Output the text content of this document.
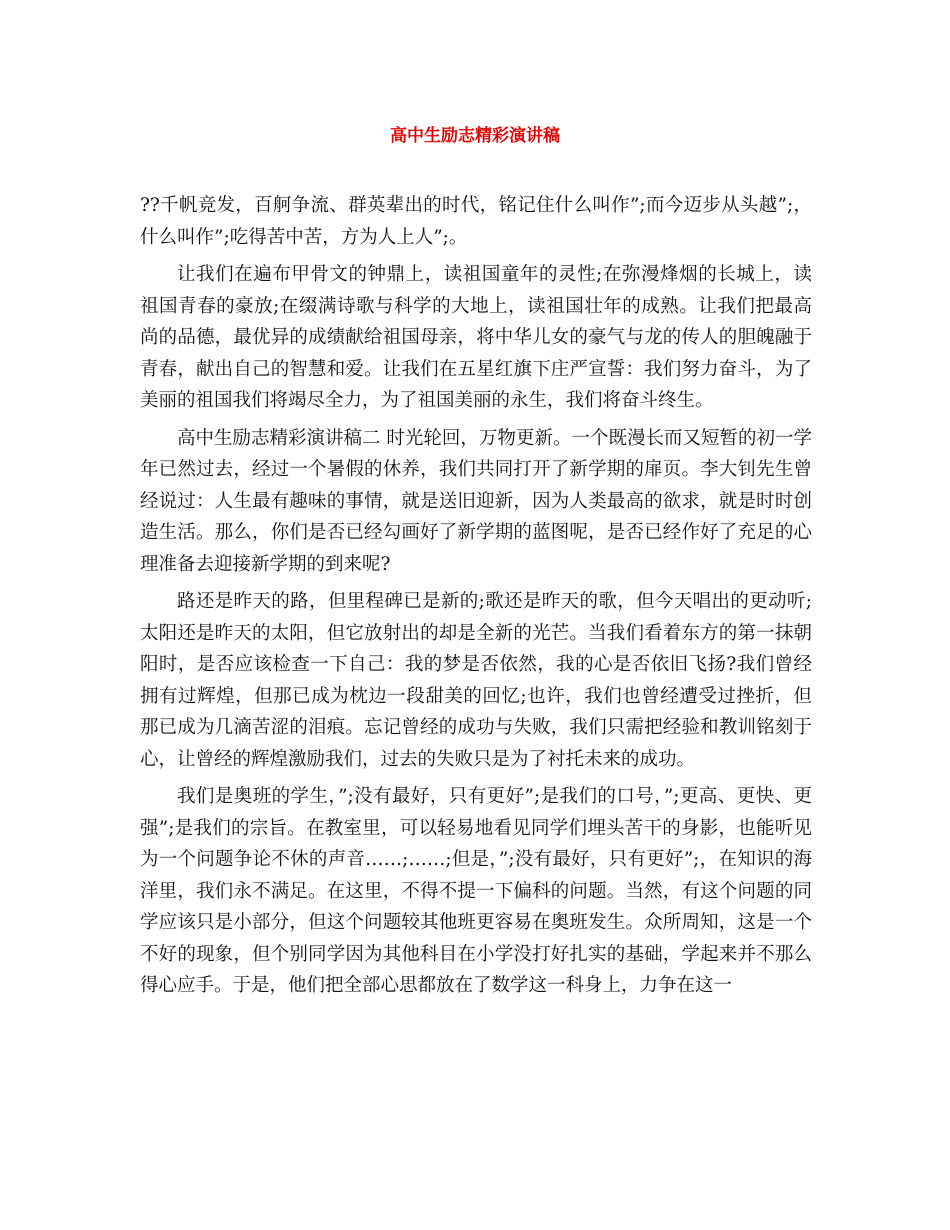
高中生励志精彩演讲稿

??千帆竞发，百舸争流、群英辈出的时代，铭记住什么叫作”;而今迈步从头越”;，什么叫作”;吃得苦中苦，方为人上人”;。

让我们在遍布甲骨文的钟鼎上，读祖国童年的灵性;在弥漫烽烟的长城上，读祖国青春的豪放;在缀满诗歌与科学的大地上，读祖国壮年的成熟。让我们把最高尚的品德，最优异的成绩献给祖国母亲，将中华儿女的豪气与龙的传人的胆魄融于青春，献出自己的智慧和爱。让我们在五星红旗下庄严宣誓：我们努力奋斗，为了美丽的祖国我们将竭尽全力，为了祖国美丽的永生，我们将奋斗终生。

高中生励志精彩演讲稿二 时光轮回，万物更新。一个既漫长而又短暂的初一学年已然过去，经过一个暑假的休养，我们共同打开了新学期的扉页。李大钊先生曾经说过：人生最有趣味的事情，就是送旧迎新，因为人类最高的欲求，就是时时创造生活。那么，你们是否已经勾画好了新学期的蓝图呢，是否已经作好了充足的心理准备去迎接新学期的到来呢?

路还是昨天的路，但里程碑已是新的;歌还是昨天的歌，但今天唱出的更动听;太阳还是昨天的太阳，但它放射出的却是全新的光芒。当我们看着东方的第一抹朝阳时，是否应该检查一下自己：我的梦是否依然，我的心是否依旧飞扬?我们曾经拥有过辉煌，但那已成为枕边一段甜美的回忆;也许，我们也曾经遭受过挫折，但那已成为几滴苦涩的泪痕。忘记曾经的成功与失败，我们只需把经验和教训铭刻于心，让曾经的辉煌激励我们，过去的失败只是为了衬托未来的成功。

我们是奥班的学生，”;没有最好，只有更好”;是我们的口号，”;更高、更快、更强”;是我们的宗旨。在教室里，可以轻易地看见同学们埋头苦干的身影，也能听见为一个问题争论不休的声音……;……;但是，”;没有最好，只有更好”;，在知识的海洋里，我们永不满足。在这里，不得不提一下偏科的问题。当然，有这个问题的同学应该只是小部分，但这个问题较其他班更容易在奥班发生。众所周知，这是一个不好的现象，但个别同学因为其他科目在小学没打好扎实的基础，学起来并不那么得心应手。于是，他们把全部心思都放在了数学这一科身上，力争在这一
